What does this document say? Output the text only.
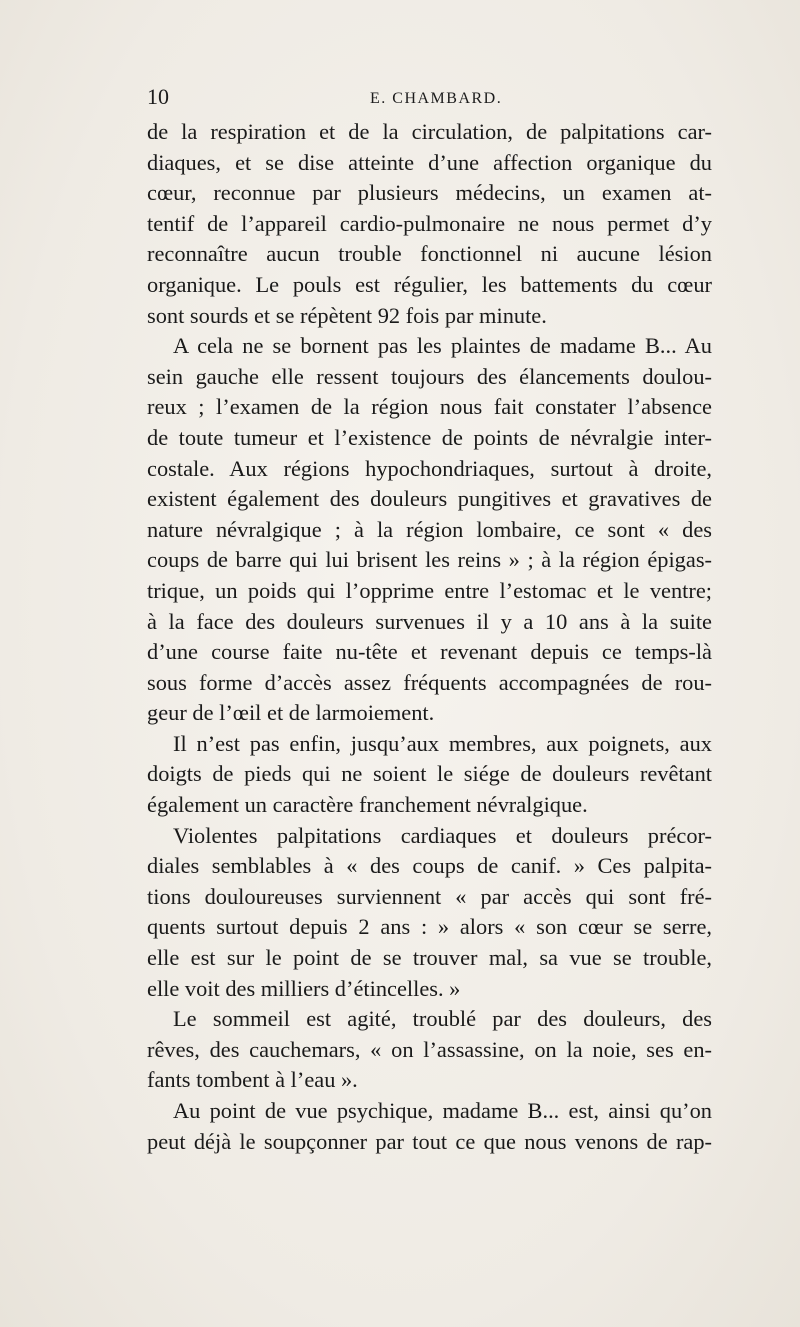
10	E. CHAMBARD.
de la respiration et de la circulation, de palpitations car-
diaques, et se dise atteinte d’une affection organique du
cœur, reconnue par plusieurs médecins, un examen at-
tentif de l’appareil cardio-pulmonaire ne nous permet d’y
reconnaître aucun trouble fonctionnel ni aucune lésion
organique. Le pouls est régulier, les battements du cœur
sont sourds et se répètent 92 fois par minute.
A cela ne se bornent pas les plaintes de madame B... Au
sein gauche elle ressent toujours des élancements doulou-
reux ; l’examen de la région nous fait constater l’absence
de toute tumeur et l’existence de points de névralgie inter-
costale. Aux régions hypochondriaques, surtout à droite,
existent également des douleurs pungitives et gravatives de
nature névralgique ; à la région lombaire, ce sont « des
coups de barre qui lui brisent les reins » ; à la région épigas-
trique, un poids qui l’opprime entre l’estomac et le ventre;
à la face des douleurs survenues il y a 10 ans à la suite
d’une course faite nu-tête et revenant depuis ce temps-là
sous forme d’accès assez fréquents accompagnées de rou-
geur de l’œil et de larmoiement.
Il n’est pas enfin, jusqu’aux membres, aux poignets, aux
doigts de pieds qui ne soient le siége de douleurs revêtant
également un caractère franchement névralgique.
Violentes palpitations cardiaques et douleurs précor-
diales semblables à « des coups de canif. » Ces palpita-
tions douloureuses surviennent « par accès qui sont fré-
quents surtout depuis 2 ans : » alors « son cœur se serre,
elle est sur le point de se trouver mal, sa vue se trouble,
elle voit des milliers d’étincelles. »
Le sommeil est agité, troublé par des douleurs, des
rêves, des cauchemars, « on l’assassine, on la noie, ses en-
fants tombent à l’eau ».
Au point de vue psychique, madame B... est, ainsi qu’on
peut déjà le soupçonner par tout ce que nous venons de rap-
